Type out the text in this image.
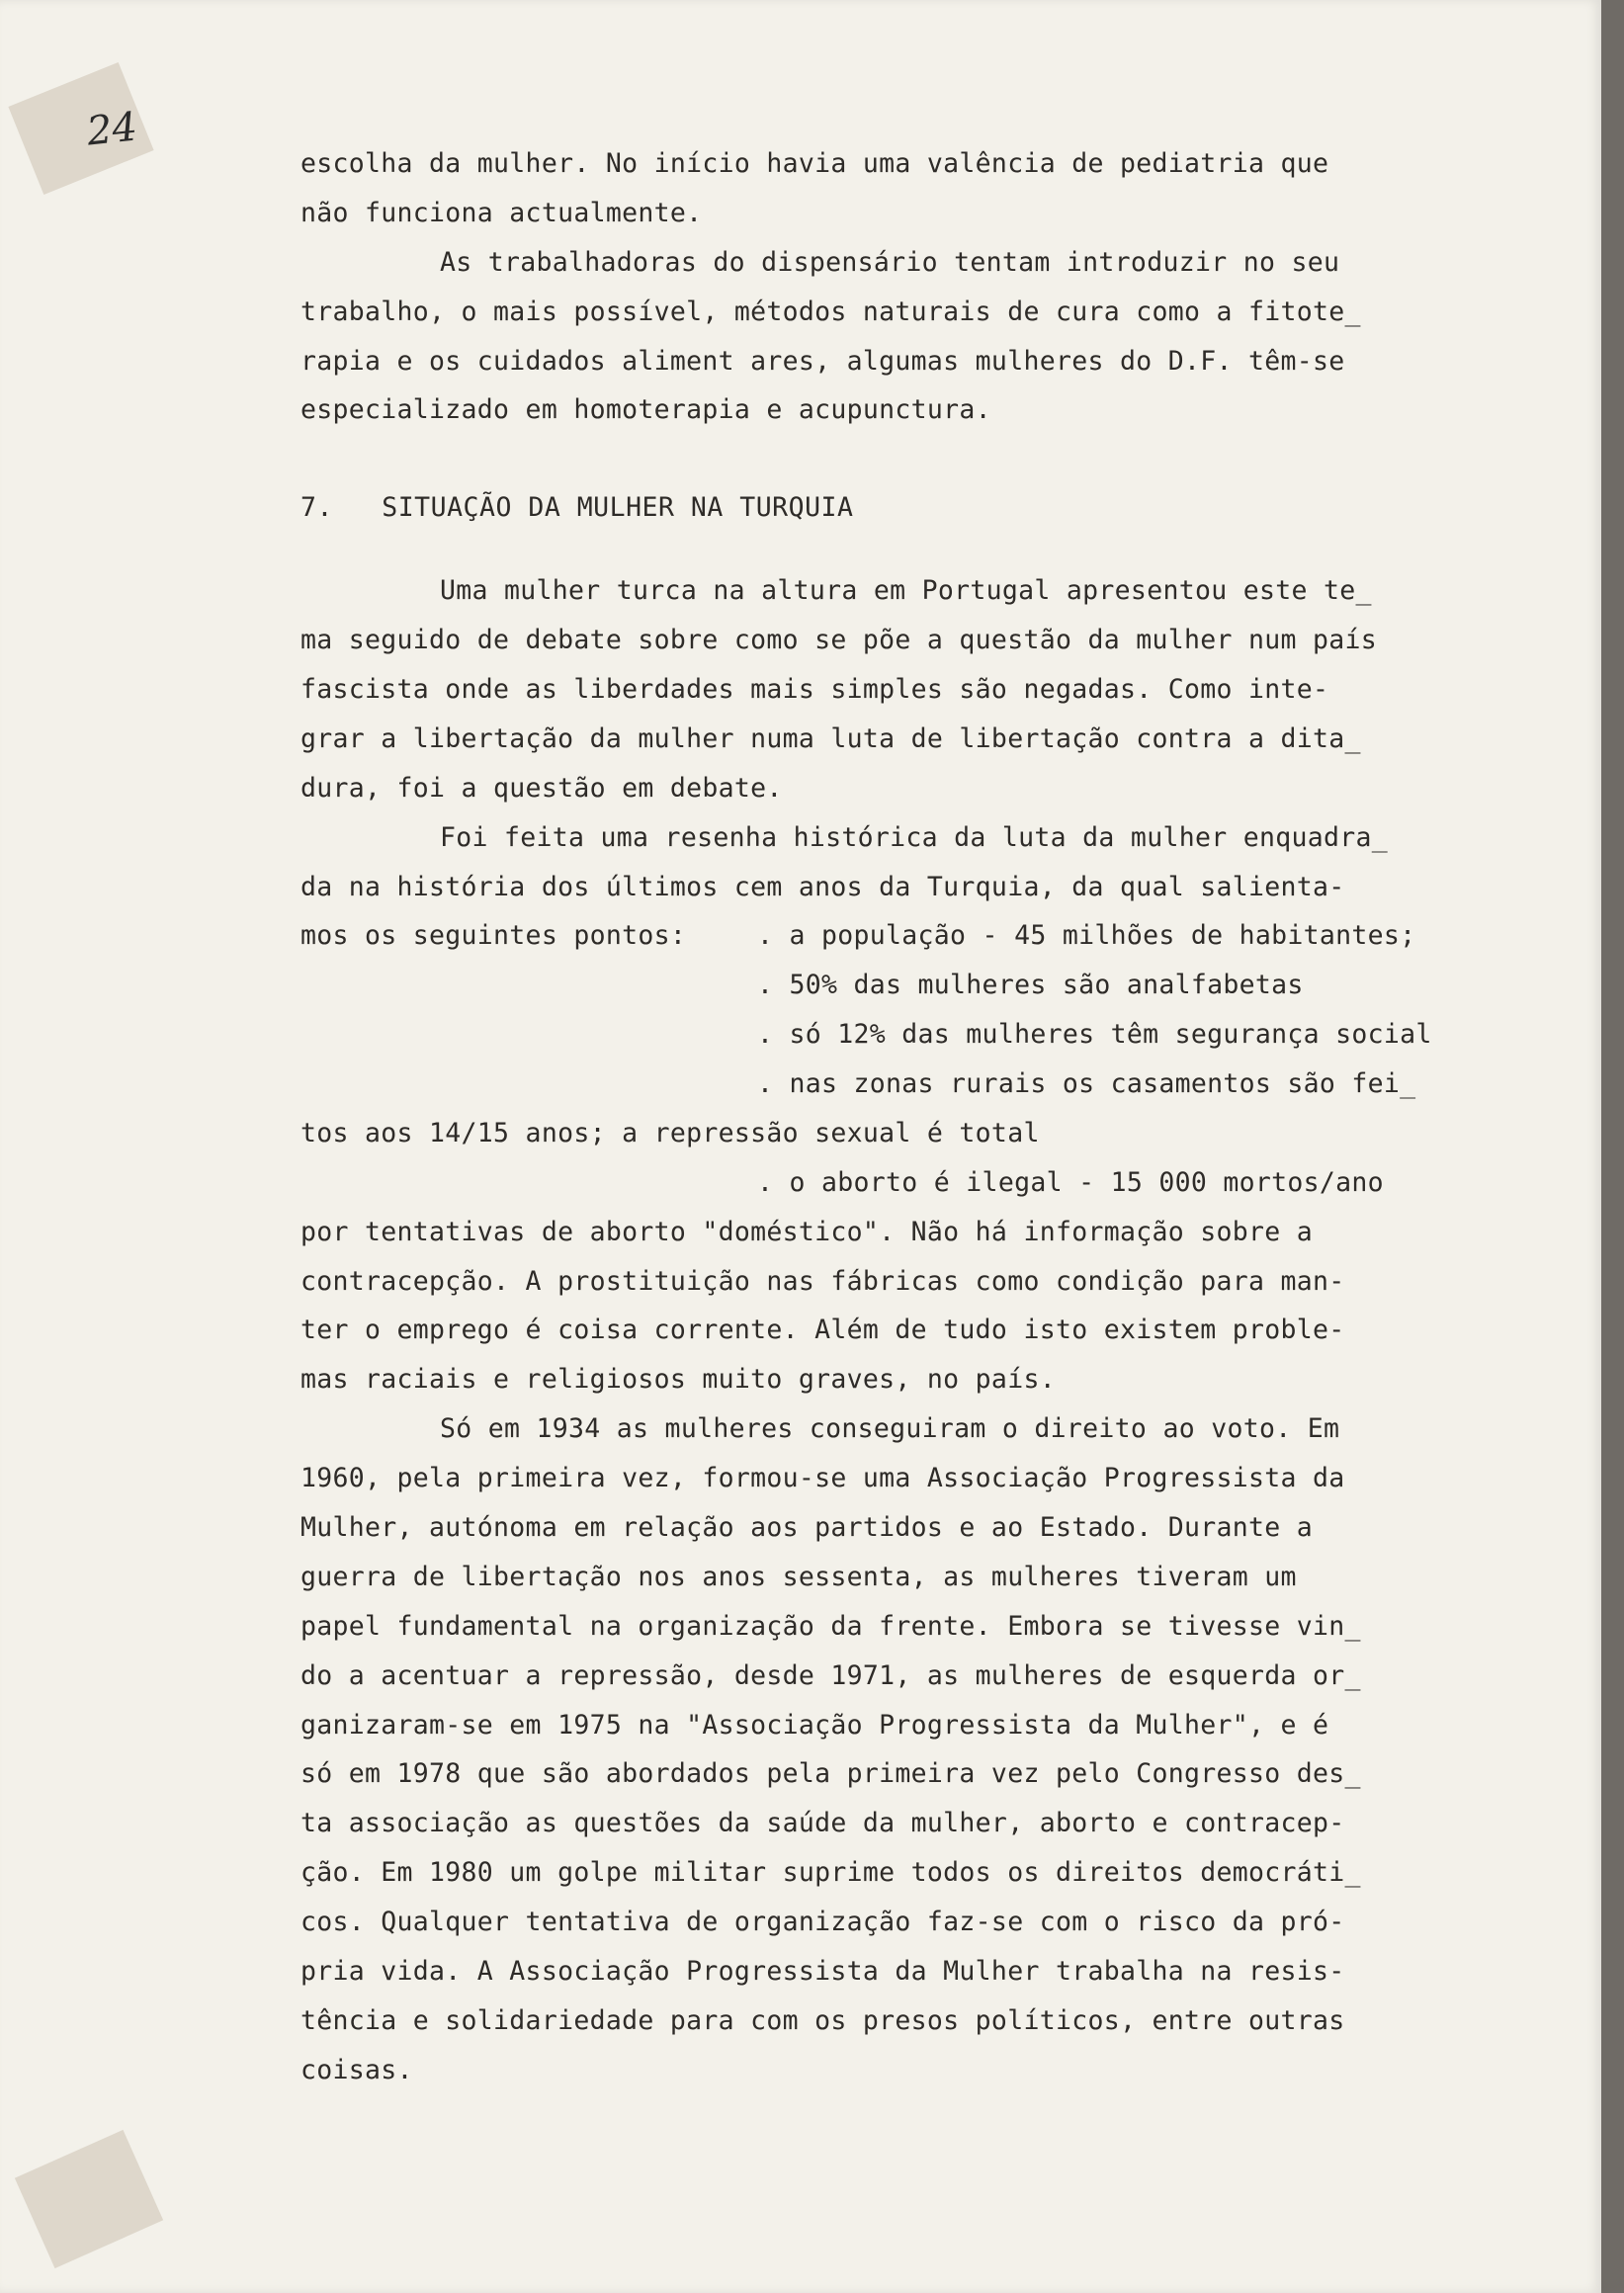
24
escolha da mulher. No início havia uma valência de pediatria que
não funciona actualmente.
As trabalhadoras do dispensário tentam introduzir no seu
trabalho, o mais possível, métodos naturais de cura como a fitote_
rapia e os cuidados aliment ares, algumas mulheres do D.F. têm-se
especializado em homoterapia e acupunctura.
7.   SITUAÇÃO DA MULHER NA TURQUIA
Uma mulher turca na altura em Portugal apresentou este te_
ma seguido de debate sobre como se põe a questão da mulher num país
fascista onde as liberdades mais simples são negadas. Como inte-
grar a libertação da mulher numa luta de libertação contra a dita_
dura, foi a questão em debate.
Foi feita uma resenha histórica da luta da mulher enquadra_
da na história dos últimos cem anos da Turquia, da qual salienta-
mos os seguintes pontos:	. a população - 45 milhões de habitantes;
. 50% das mulheres são analfabetas
. só 12% das mulheres têm segurança social
. nas zonas rurais os casamentos são fei_
tos aos 14/15 anos; a repressão sexual é total
. o aborto é ilegal - 15 000 mortos/ano
por tentativas de aborto "doméstico". Não há informação sobre a
contracepção. A prostituição nas fábricas como condição para man-
ter o emprego é coisa corrente. Além de tudo isto existem proble-
mas raciais e religiosos muito graves, no país.
Só em 1934 as mulheres conseguiram o direito ao voto. Em
1960, pela primeira vez, formou-se uma Associação Progressista da
Mulher, autónoma em relação aos partidos e ao Estado. Durante a
guerra de libertação nos anos sessenta, as mulheres tiveram um
papel fundamental na organização da frente. Embora se tivesse vin_
do a acentuar a repressão, desde 1971, as mulheres de esquerda or_
ganizaram-se em 1975 na "Associação Progressista da Mulher", e é
só em 1978 que são abordados pela primeira vez pelo Congresso des_
ta associação as questões da saúde da mulher, aborto e contracep-
ção. Em 1980 um golpe militar suprime todos os direitos democráti_
cos. Qualquer tentativa de organização faz-se com o risco da pró-
pria vida. A Associação Progressista da Mulher trabalha na resis-
tência e solidariedade para com os presos políticos, entre outras
coisas.
